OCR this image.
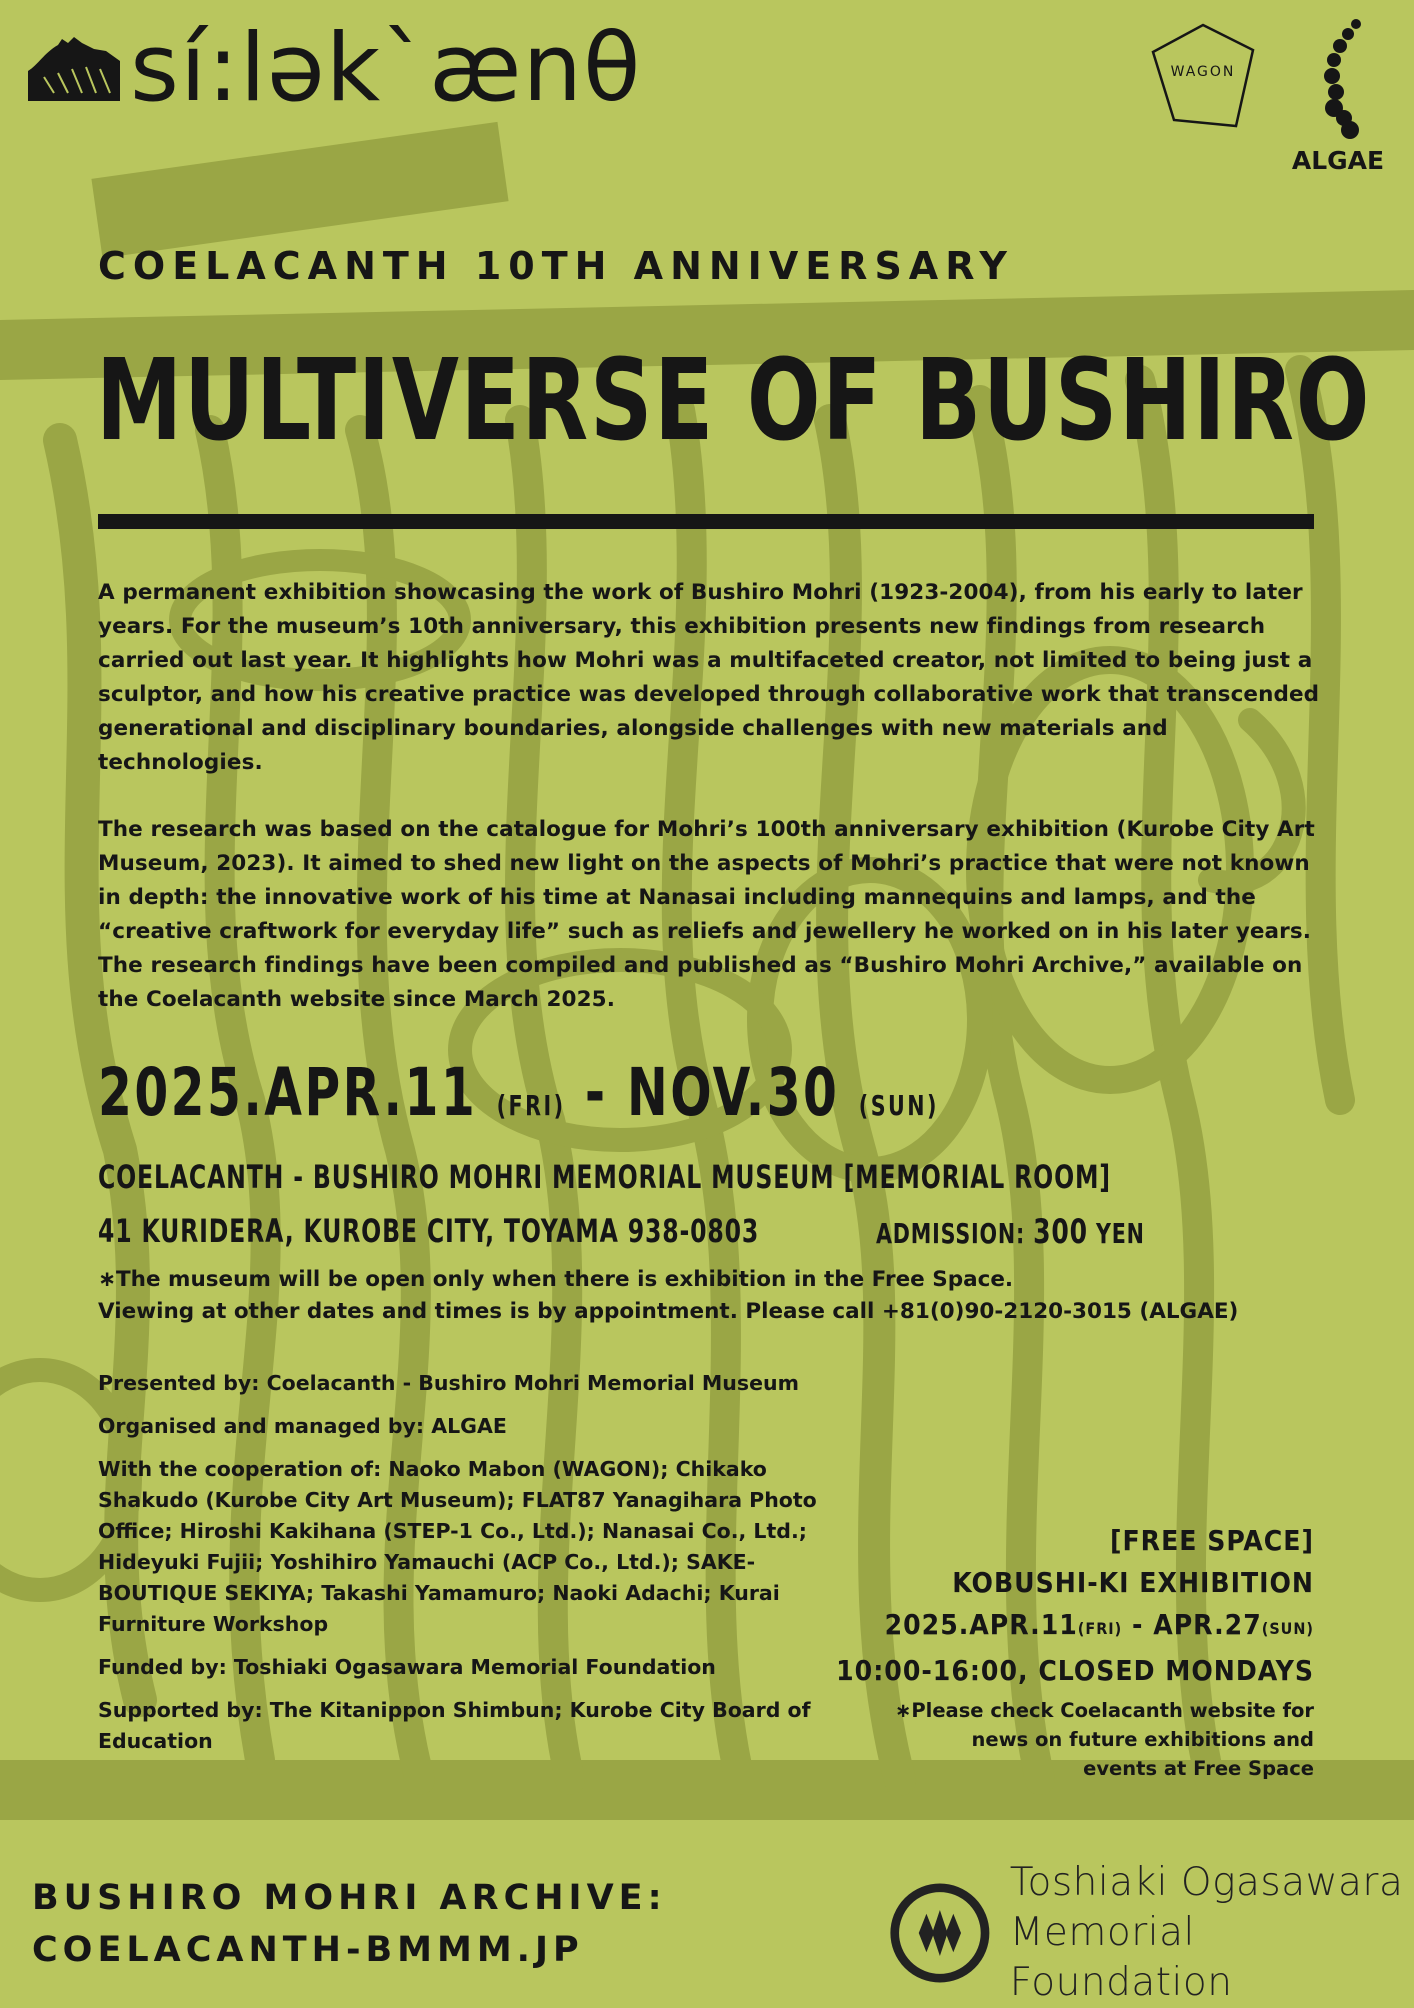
sí:lək`ænθ	WAGON
ALGAE
COELACANTH 10TH ANNIVERSARY
MULTIVERSE OF BUSHIRO

A permanent exhibition showcasing the work of Bushiro Mohri (1923-2004), from his early to later years. For the museum’s 10th anniversary, this exhibition presents new findings from research carried out last year. It highlights how Mohri was a multifaceted creator, not limited to being just a sculptor, and how his creative practice was developed through collaborative work that transcended generational and disciplinary boundaries, alongside challenges with new materials and technologies.

The research was based on the catalogue for Mohri’s 100th anniversary exhibition (Kurobe City Art Museum, 2023). It aimed to shed new light on the aspects of Mohri’s practice that were not known in depth: the innovative work of his time at Nanasai including mannequins and lamps, and the “creative craftwork for everyday life” such as reliefs and jewellery he worked on in his later years. The research findings have been compiled and published as “Bushiro Mohri Archive,” available on the Coelacanth website since March 2025.

2025.APR.11 (FRI) - NOV.30 (SUN)
COELACANTH - BUSHIRO MOHRI MEMORIAL MUSEUM [MEMORIAL ROOM]
41 KURIDERA, KUROBE CITY, TOYAMA 938-0803	ADMISSION: 300 YEN
∗The museum will be open only when there is exhibition in the Free Space.
Viewing at other dates and times is by appointment. Please call +81(0)90-2120-3015 (ALGAE)
Presented by: Coelacanth - Bushiro Mohri Memorial Museum
Organised and managed by: ALGAE
With the cooperation of: Naoko Mabon (WAGON); Chikako Shakudo (Kurobe City Art Museum); FLAT87 Yanagihara Photo Office; Hiroshi Kakihana (STEP-1 Co., Ltd.); Nanasai Co., Ltd.; Hideyuki Fujii; Yoshihiro Yamauchi (ACP Co., Ltd.); SAKE-BOUTIQUE SEKIYA; Takashi Yamamuro; Naoki Adachi; Kurai Furniture Workshop
Funded by: Toshiaki Ogasawara Memorial Foundation
Supported by: The Kitanippon Shimbun; Kurobe City Board of Education
[FREE SPACE]
KOBUSHI-KI EXHIBITION
2025.APR.11(FRI) - APR.27(SUN)
10:00-16:00, CLOSED MONDAYS
∗Please check Coelacanth website for news on future exhibitions and events at Free Space
BUSHIRO MOHRI ARCHIVE:
COELACANTH-BMMM.JP
Toshiaki Ogasawara
Memorial Foundation
